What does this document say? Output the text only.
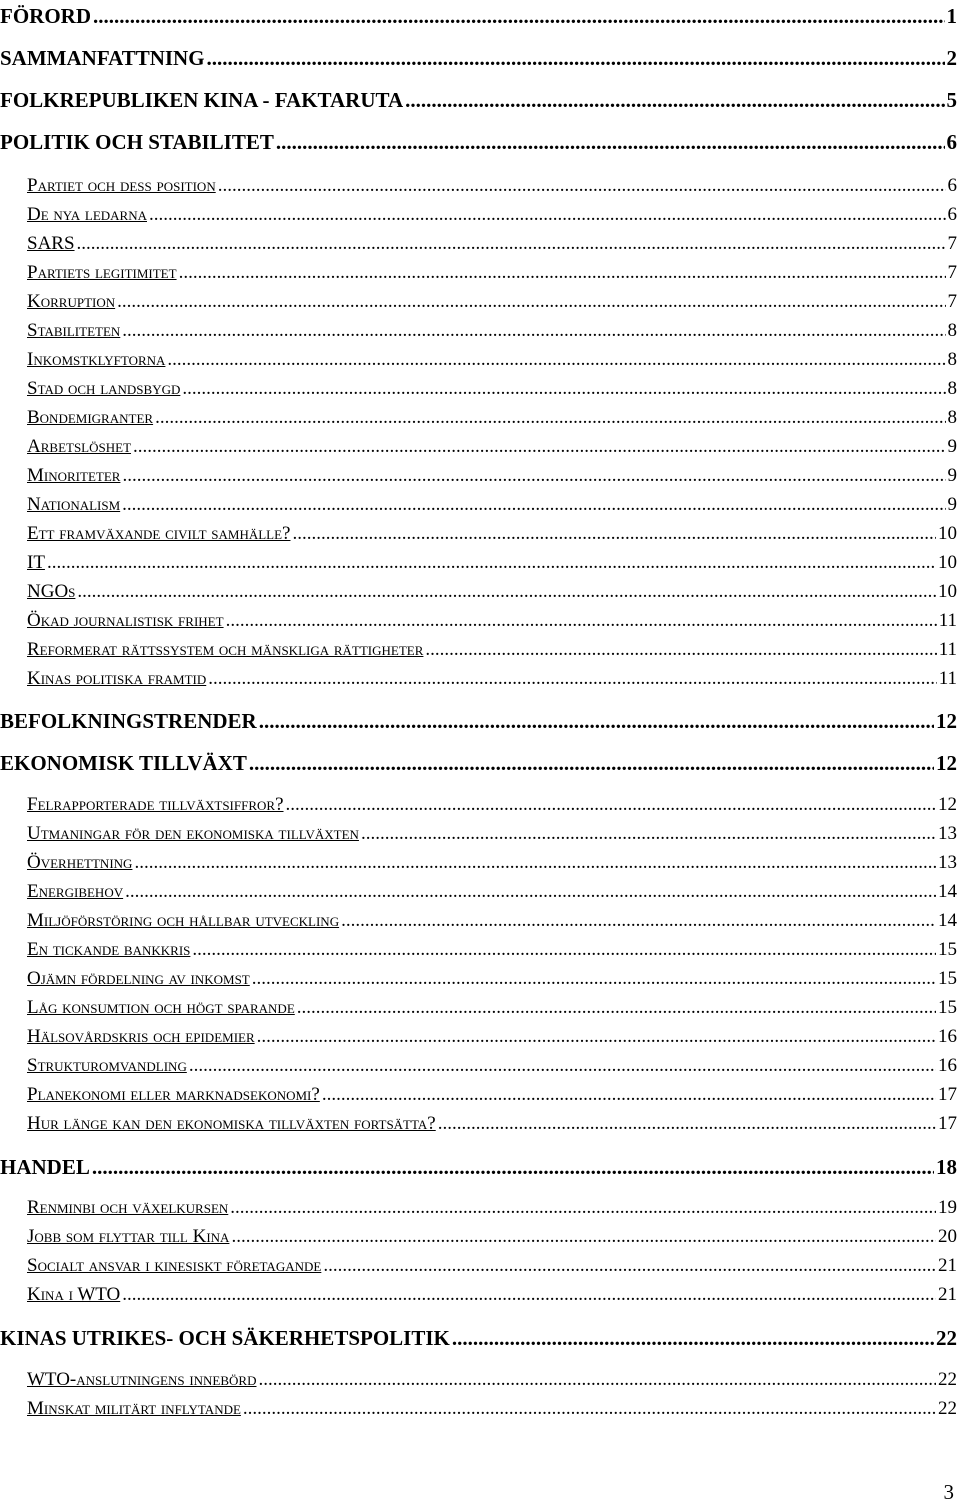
FÖRORD .....	1
SAMMANFATTNING .....	2
FOLKREPUBLIKEN KINA - FAKTARUTA .....	5
POLITIK OCH STABILITET .....	6
Partiet och dess position .....	6
De nya ledarna .....	6
SARS .....	7
Partiets legitimitet .....	7
Korruption .....	7
Stabiliteten .....	8
Inkomstklyftorna .....	8
Stad och landsbygd .....	8
Bondemigranter .....	8
Arbetslöshet .....	9
Minoriteter .....	9
Nationalism .....	9
Ett framväxande civilt samhälle? .....	10
IT .....	10
NGOs .....	10
Ökad journalistisk frihet .....	11
Reformerat rättssystem och mänskliga rättigheter .....	11
Kinas politiska framtid .....	11
BEFOLKNINGSTRENDER .....	12
EKONOMISK TILLVÄXT .....	12
Felrapporterade tillväxtsiffror? .....	12
Utmaningar för den ekonomiska tillväxten .....	13
Överhettning .....	13
Energibehov .....	14
Miljöförstöring och hållbar utveckling .....	14
En tickande bankkris .....	15
Ojämn fördelning av inkomst .....	15
Låg konsumtion och högt sparande .....	15
Hälsovårdskris och epidemier .....	16
Strukturomvandling .....	16
Planekonomi eller marknadsekonomi? .....	17
Hur länge kan den ekonomiska tillväxten fortsätta? .....	17
HANDEL .....	18
Renminbi och växelkursen .....	19
Jobb som flyttar till Kina .....	20
Socialt ansvar i kinesiskt företagande .....	21
Kina i WTO .....	21
KINAS UTRIKES- OCH SÄKERHETSPOLITIK .....	22
WTO-anslutningens innebörd .....	22
Minskat militärt inflytande .....	22
3
